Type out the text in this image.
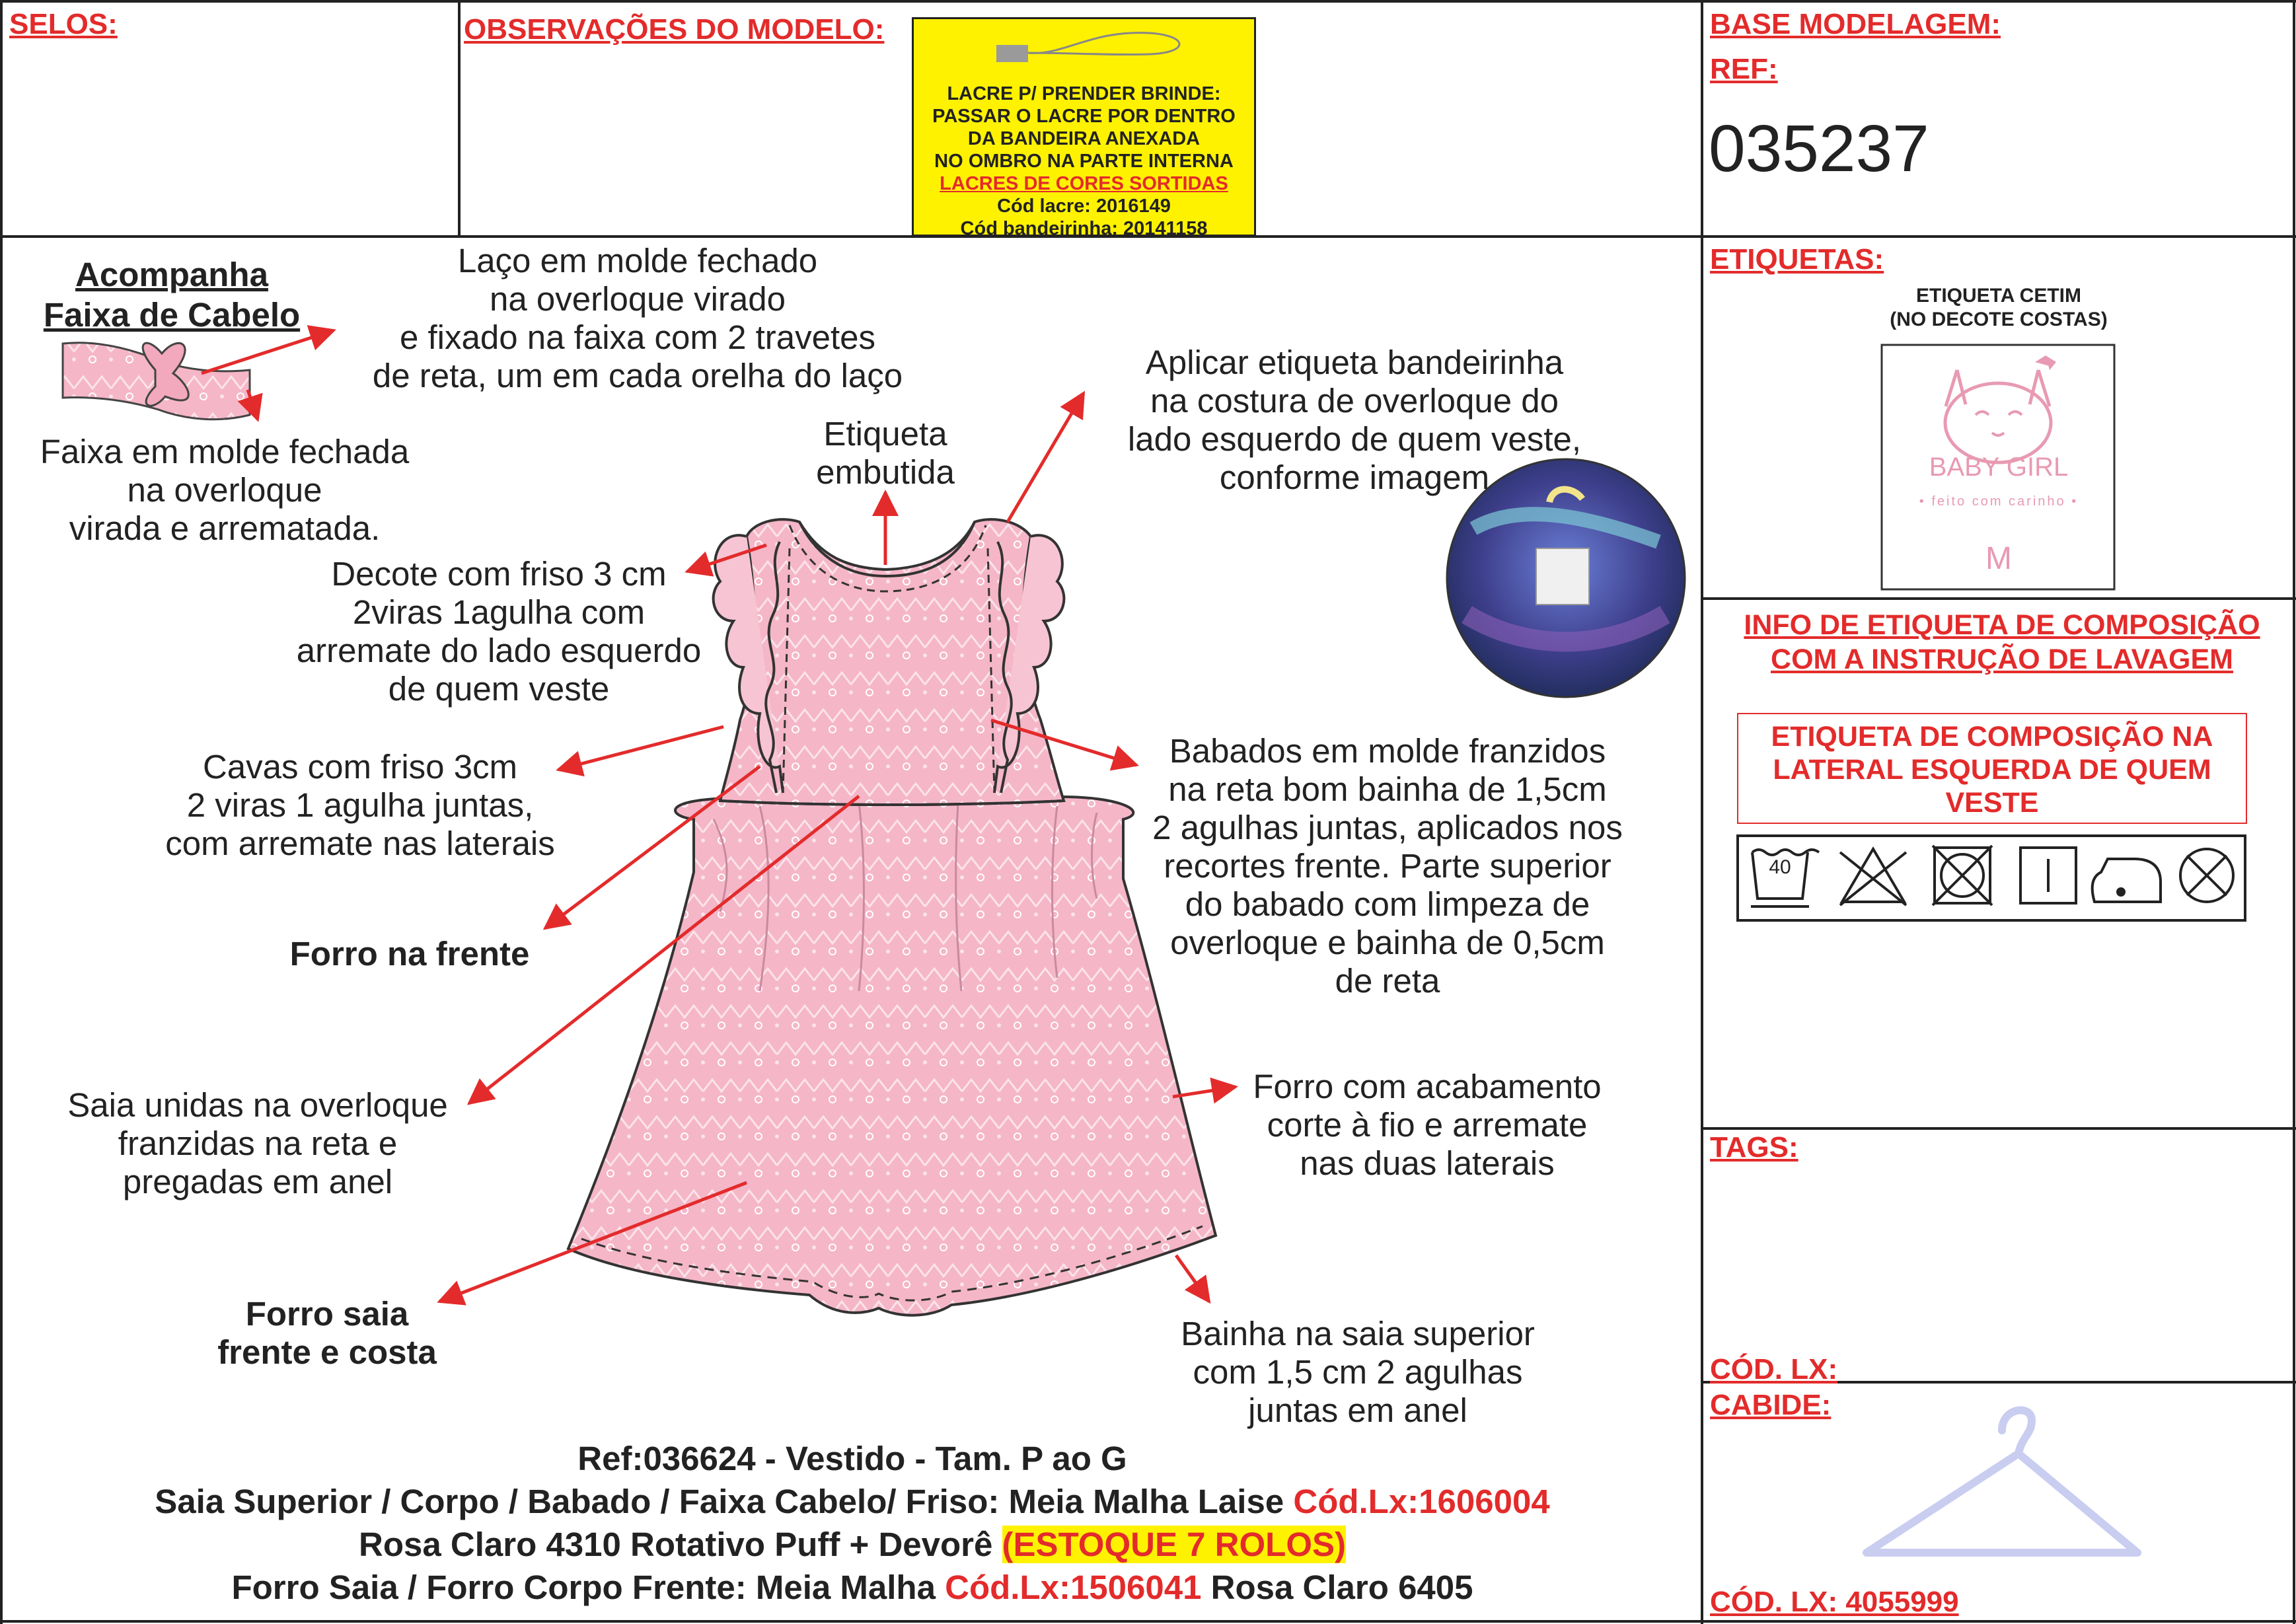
SELOS:	OBSERVAÇÕES DO MODELO:	BASE MODELAGEM:
REF:
035237
LACRE P/ PRENDER BRINDE:
PASSAR O LACRE POR DENTRO
DA BANDEIRA ANEXADA
NO OMBRO NA PARTE INTERNA
LACRES DE CORES SORTIDAS
Cód lacre: 2016149
Cód bandeirinha: 20141158
Acompanha
Faixa de Cabelo
Laço em molde fechado
na overloque virado
e fixado na faixa com 2 travetes
de reta, um em cada orelha do laço
Faixa em molde fechada
na overloque
virada e arrematada.
Etiqueta
embutida
Aplicar etiqueta bandeirinha
na costura de overloque do
lado esquerdo de quem veste,
conforme imagem
Decote com friso 3 cm
2viras 1agulha com
arremate do lado esquerdo
de quem veste
Cavas com friso 3cm
2 viras 1 agulha juntas,
com arremate nas laterais
Forro na frente
Babados em molde franzidos
na reta bom bainha de 1,5cm
2 agulhas juntas, aplicados nos
recortes frente. Parte superior
do babado com limpeza de
overloque e bainha de 0,5cm
de reta
Saia unidas na overloque
franzidas na reta e
pregadas em anel
Forro com acabamento
corte à fio e arremate
nas duas laterais
Forro saia
frente e costa	Bainha na saia superior
com 1,5 cm 2 agulhas
juntas em anel
Ref:036624 - Vestido - Tam. P ao G
Saia Superior / Corpo / Babado / Faixa Cabelo/ Friso: Meia Malha Laise Cód.Lx:1606004
Rosa Claro 4310 Rotativo Puff + Devorê (ESTOQUE 7 ROLOS)
Forro Saia / Forro Corpo Frente: Meia Malha Cód.Lx:1506041 Rosa Claro 6405
ETIQUETAS:
ETIQUETA CETIM
(NO DECOTE COSTAS)
BABY GIRL
• feito com carinho •
M
INFO DE ETIQUETA DE COMPOSIÇÃO
COM A INSTRUÇÃO DE LAVAGEM
ETIQUETA DE COMPOSIÇÃO NA
LATERAL ESQUERDA DE QUEM
VESTE
40
TAGS:
CÓD. LX:
CABIDE:
CÓD. LX: 4055999
